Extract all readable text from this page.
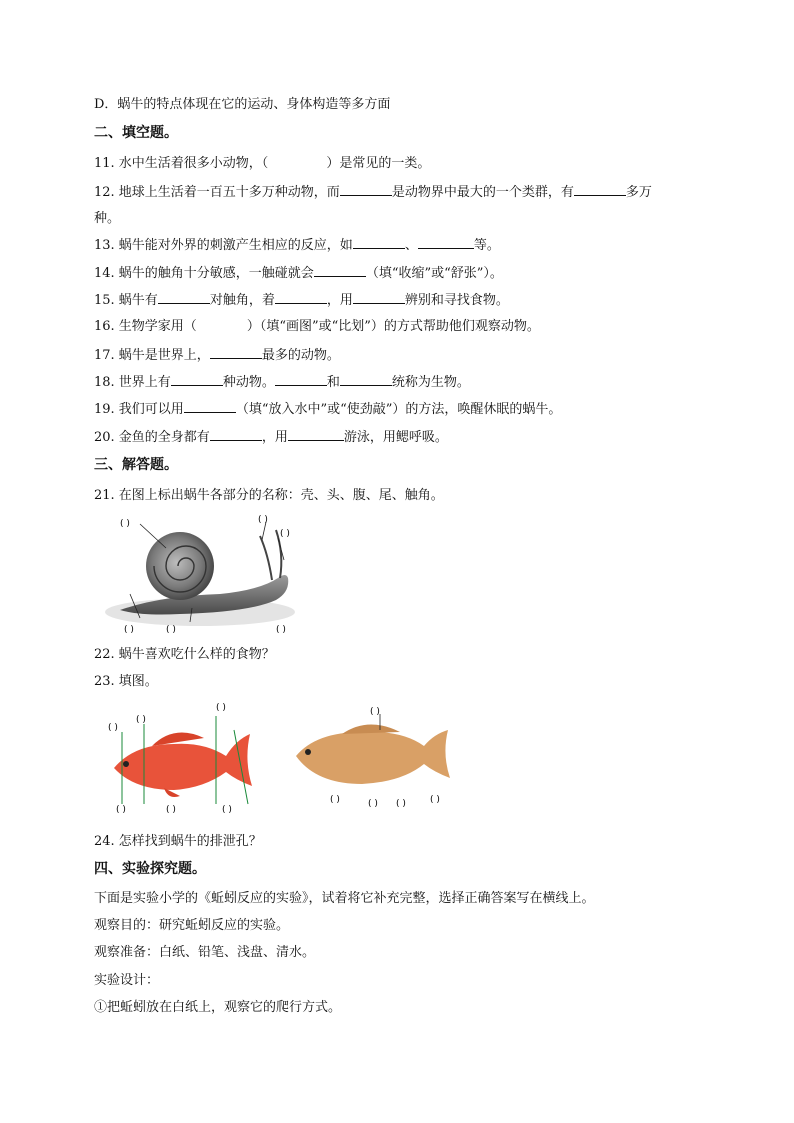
D．蜗牛的特点体现在它的运动、身体构造等多方面
二、填空题。
11. 水中生活着很多小动物，（	）是常见的一类。
12. 地球上生活着一百五十多万种动物，而	是动物界中最大的一个类群，有	多万
种。
13. 蜗牛能对外界的刺激产生相应的反应，如	、	等。
14. 蜗牛的触角十分敏感，一触碰就会	（填“收缩”或“舒张”）。
15. 蜗牛有	对触角，着	，用	辨别和寻找食物。
16. 生物学家用（	）（填“画图”或“比划”）的方式帮助他们观察动物。
17. 蜗牛是世界上，	最多的动物。
18. 世界上有	种动物。	和	统称为生物。
19. 我们可以用	（填“放入水中”或“使劲敲”）的方法，唤醒休眠的蜗牛。
20. 金鱼的全身都有	，用	游泳，用鳃呼吸。
三、解答题。
21. 在图上标出蜗牛各部分的名称：壳、头、腹、尾、触角。
( )	( )
( )
( )	( )	( )
22. 蜗牛喜欢吃什么样的食物？
23. 填图。
( )
( )
( )
( )	( )	( )
( )
( )	( ) ( )	( )
24. 怎样找到蜗牛的排泄孔？
四、实验探究题。
下面是实验小学的《蚯蚓反应的实验》，试着将它补充完整，选择正确答案写在横线上。
观察目的：研究蚯蚓反应的实验。
观察准备：白纸、铅笔、浅盘、清水。
实验设计：
①把蚯蚓放在白纸上，观察它的爬行方式。
